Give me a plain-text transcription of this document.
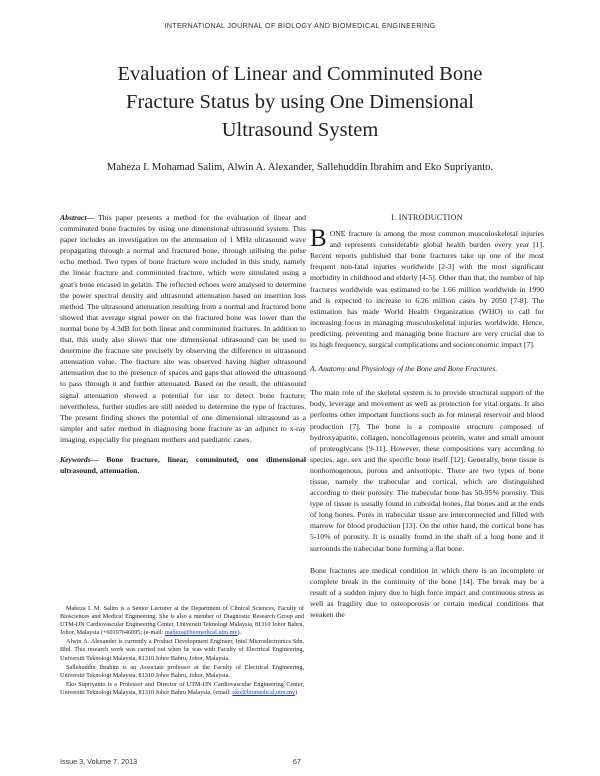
INTERNATIONAL JOURNAL OF BIOLOGY AND BIOMEDICAL ENGINEERING
Evaluation of Linear and Comminuted Bone
Fracture Status by using One Dimensional
Ultrasound System
Maheza I. Mohamad Salim, Alwin A. Alexander, Sallehuddin Ibrahim and Eko Supriyanto.

Abstract— This paper presents a method for the evaluation of linear and comminuted bone fractures by using one dimensional ultrasound system. This paper includes an investigation on the attenuation of 1 MHz ultrasound wave propagating through a normal and fractured bone, through utilising the pulse echo method. Two types of bone fracture were included in this study, namely the linear fracture and comminuted fracture, which were simulated using a goat's bone encased in gelatin. The reflected echoes were analysed to determine the power spectral density and ultrasound attenuation based on insertion loss method. The ultrasound attenuation resulting from a normal and fractured bone showed that average signal power on the fractured bone was lower than the normal bone by 4.3dB for both linear and comminuted fractures. In addition to that, this study also shows that one dimensional ultrasound can be used to determine the fracture site precisely by observing the difference in ultrasound attenuation value. The fracture site was observed having higher ultrasound attenuation due to the presence of spaces and gaps that allowed the ultrasound to pass through it and further attenuated. Based on the result, the ultrasound signal attenuation showed a potential for use to detect bone fracture; nevertheless, further studies are still needed to determine the type of fractures. The present finding shows the potential of one dimensional ultrasound as a simpler and safer method in diagnosing bone fracture as an adjunct to x-ray imaging, especially for pregnant mothers and paediatric cases.

Keywords— Bone fracture, linear, comminuted, one dimensional ultrasound, attenuation.

Maheza I. M. Salim is a Senior Lecturer at the Department of Clinical Sciences, Faculty of Biosciences and Medical Engineering. She is also a member of Diagnostic Research Group and UTM-IJN Cardiovascular Engineering Center, Universiti Teknologi Malaysia, 81310 Johor Bahru, Johor, Malaysia (+60197646095; (e-mail: maheza@biomedical.utm.my).

Alwin A. Alexander is currently a Product Development Engineer, Intel Microelectronics Sdn. Bhd. This research work was carried out when he was with Faculty of Electrical Engineering, Universiti Teknologi Malaysia, 81310 Johor Bahru, Johor, Malaysia.

Sallehuddin Ibrahim is an Associate professor at the Faculty of Electrical Engineering, Universiti Teknologi Malaysia, 81310 Johor Bahru, Johor, Malaysia.

Eko Supriyanto is a Professor and Director of UTM-IJN Cardiovascular Engineering Center, Universiti Teknologi Malaysia, 81310 Johor Bahru Malaysia, (email: eko@biomedical.utm.my)

I. INTRODUCTION

BONE fracture is among the most common musculoskeletal injuries and represents considerable global health burden every year [1]. Recent reports published that bone fractures take up one of the most frequent non-fatal injuries worldwide [2-3] with the most significant morbidity in childhood and elderly [4-5]. Other than that, the number of hip fractures worldwide was estimated to be 1.66 million worldwide in 1990 and is expected to increase to 6.26 million cases by 2050 [7-8]. The estimation has made World Health Organization (WHO) to call for increasing focus in managing musculoskeletal injuries worldwide. Hence, predicting, preventing and managing bone fracture are very crucial due to its high frequency, surgical complications and socioeconomic impact [7].

A. Anatomy and Physiology of the Bone and Bone Fractures.

The main role of the skeletal system is to provide structural support of the body, leverage and movement as well as protection for vital organs. It also performs other important functions such as for mineral reservoir and blood production [7]. The bone is a composite structure composed of hydroxyapatite, collagen, noncollagenous protein, water and small amount of proteoglycans [9-11]. However, these compositions vary according to species, age, sex and the specific bone itself [12]. Generally, bone tissue is nonhomogenous, porous and anisotropic. There are two types of bone tissue, namely the trabecular and cortical, which are distinguished according to their porosity. The trabecular bone has 50-95% porosity. This type of tissue is usually found in cuboidal bones, flat bones and at the ends of long bones. Pores in trabecular tissue are interconnected and filled with marrow for blood production [13]. On the other hand, the cortical bone has 5-10% of porosity. It is usually found in the shaft of a long bone and it surrounds the trabecular bone forming a flat bone.

Bone fractures are medical condition in which there is an incomplete or complete break in the continuity of the bone [14]. The break may be a result of a sudden injury due to high force impact and continuous stress as well as fragility due to osteoporosis or certain medical conditions that weaken the

Issue 3, Volume 7, 2013	67
